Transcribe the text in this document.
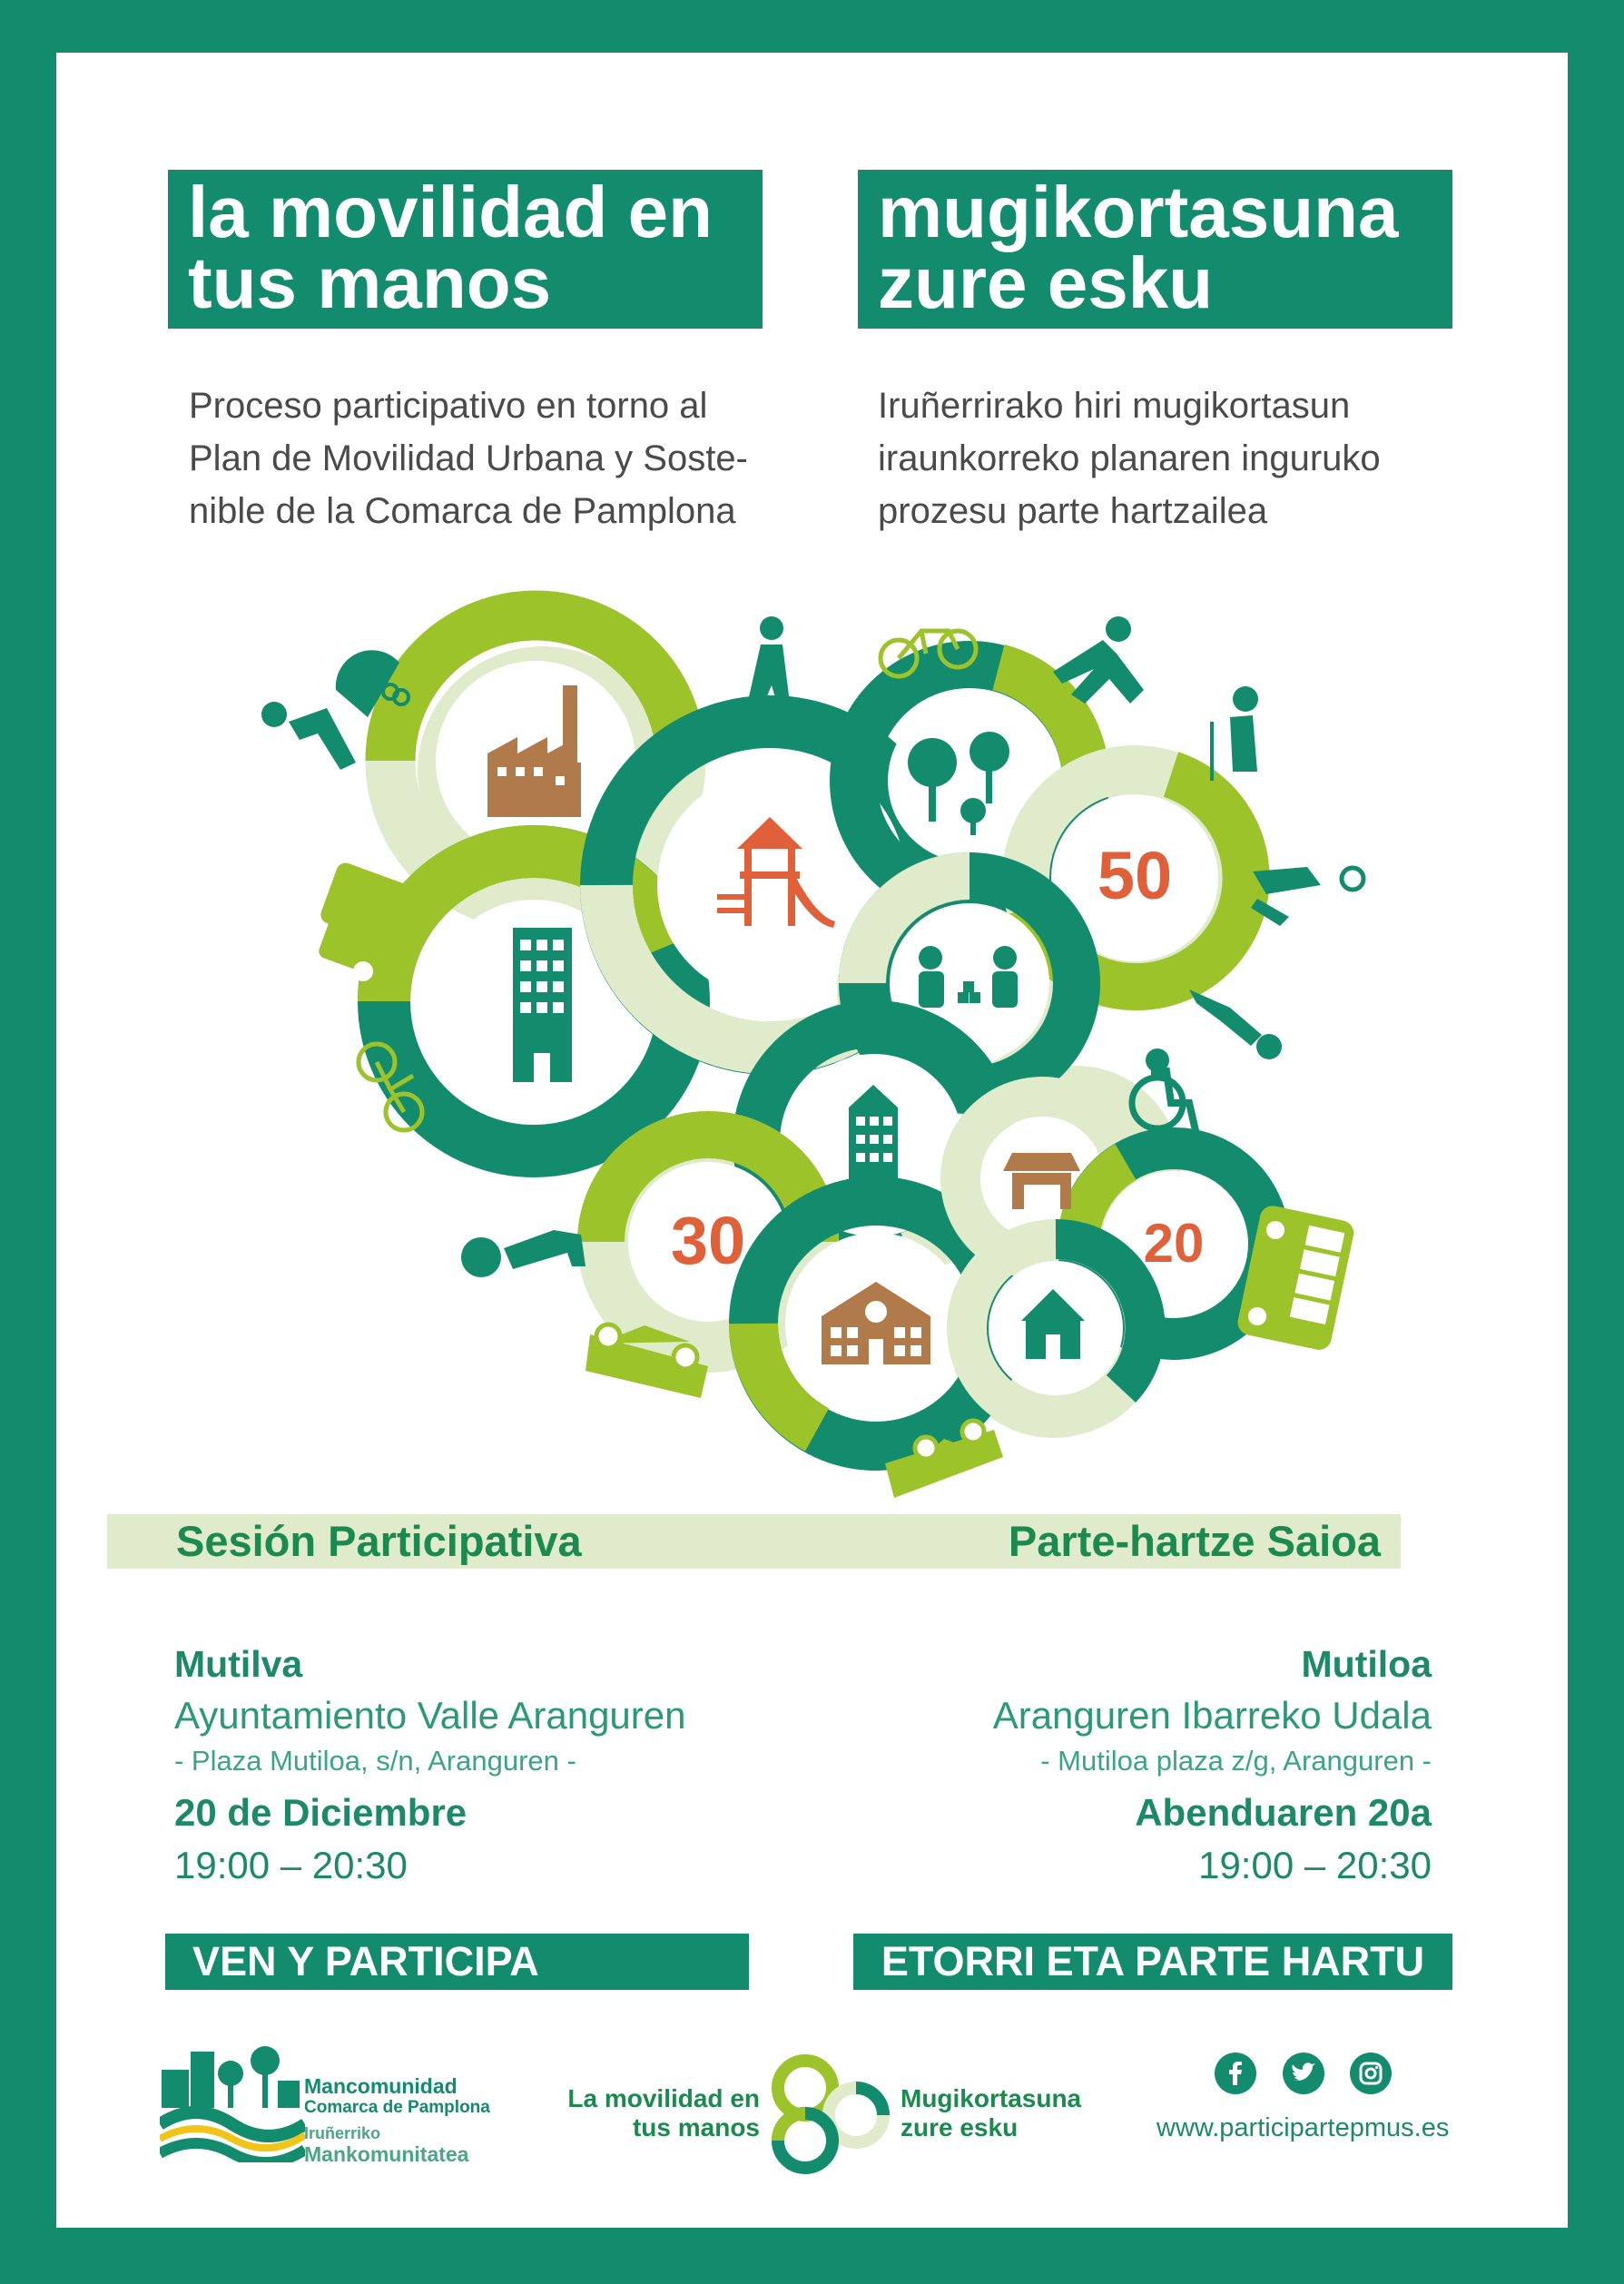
la movilidad en
tus manos
mugikortasuna
zure esku
Proceso participativo en torno al
Plan de Movilidad Urbana y Soste-
nible de la Comarca de Pamplona
Iruñerrirako hiri mugikortasun
iraunkorreko planaren inguruko
prozesu parte hartzailea
50
30	20
Sesión Participativa	Parte-hartze Saioa
Mutilva
Ayuntamiento Valle Aranguren
- Plaza Mutiloa, s/n, Aranguren -
20 de Diciembre
19:00 – 20:30
Mutiloa
Aranguren Ibarreko Udala
- Mutiloa plaza z/g, Aranguren -
Abenduaren 20a
19:00 – 20:30
VEN Y PARTICIPA	ETORRI ETA PARTE HARTU
Mancomunidad
Comarca de Pamplona
Iruñerriko
Mankomunitatea
La movilidad en
tus manos
Mugikortasuna
zure esku	www.participartepmus.es
